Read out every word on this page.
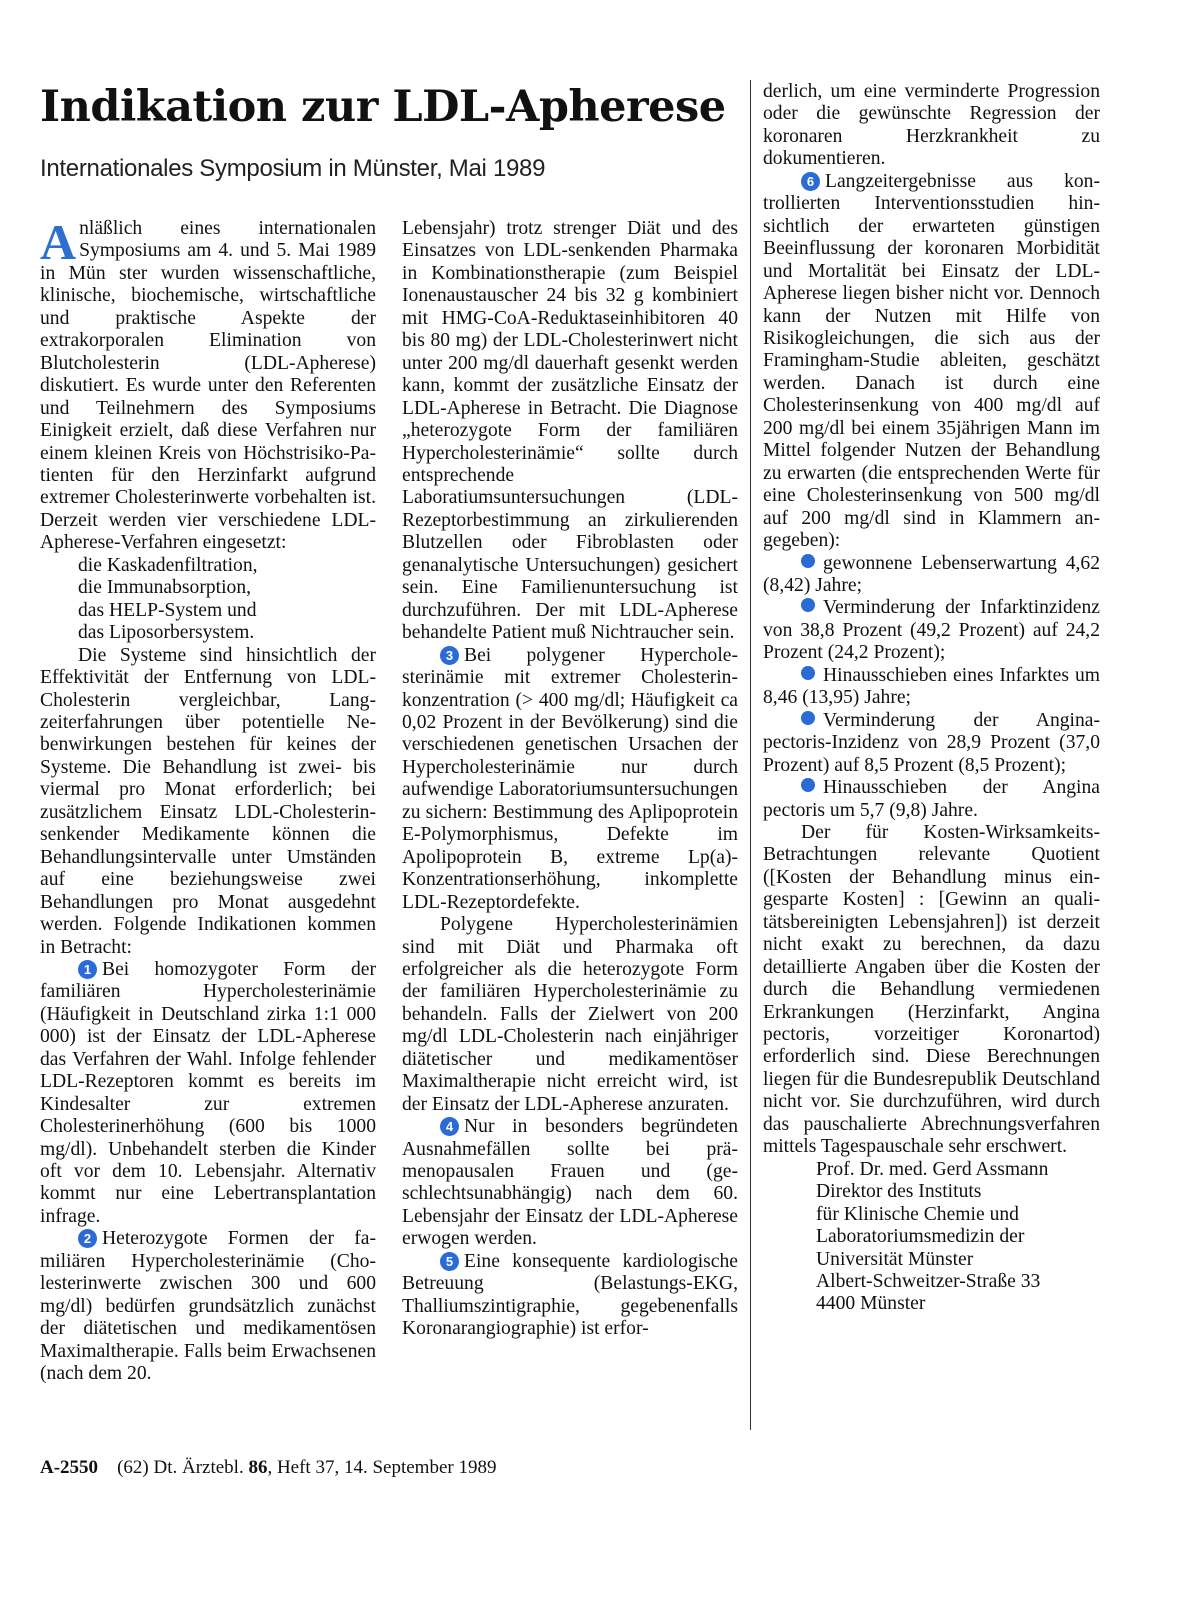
Indikation zur LDL-Apherese
Internationales Symposium in Münster, Mai 1989

Anläßlich eines internationalen Symposiums am 4. und 5. Mai 1989 in Mün ster wurden wissenschaftliche, klinische, biochemische, wirtschaftliche und praktische Aspekte der extrakorporalen Elimination von Blutcholesterin (LDL-Apherese) diskutiert. Es wurde unter den Referenten und Teilnehmern des Symposiums Einigkeit erzielt, daß diese Verfahren nur einem kleinen Kreis von Höchstrisiko-Patienten für den Herzinfarkt aufgrund extremer Cholesterinwerte vorbehalten ist. Derzeit werden vier verschiedene LDL-Apherese-Verfahren eingesetzt:

die Kaskadenfiltration,
die Immunabsorption,
das HELP-System und
das Liposorbersystem.

Die Systeme sind hinsichtlich der Effektivität der Entfernung von LDL-Cholesterin vergleichbar, Langzeiterfahrungen über potentielle Nebenwirkungen bestehen für keines der Systeme. Die Behandlung ist zwei- bis viermal pro Monat erforderlich; bei zusätzlichem Einsatz LDL-Cholesterin-senkender Medikamente können die Behandlungsintervalle unter Umständen auf eine beziehungsweise zwei Behandlungen pro Monat ausgedehnt werden. Folgende Indikationen kommen in Betracht:

1 Bei homozygoter Form der familiären Hypercholesterinämie (Häufigkeit in Deutschland zirka 1:1 000 000) ist der Einsatz der LDL-Apherese das Verfahren der Wahl. Infolge fehlender LDL-Rezeptoren kommt es bereits im Kindesalter zur extremen Cholesterinerhöhung (600 bis 1000 mg/dl). Unbehandelt sterben die Kinder oft vor dem 10. Lebensjahr. Alternativ kommt nur eine Lebertransplantation infrage.

2 Heterozygote Formen der familiären Hypercholesterinämie (Cholesterinwerte zwischen 300 und 600 mg/dl) bedürfen grundsätzlich zunächst der diätetischen und medikamentösen Maximaltherapie. Falls beim Erwachsenen (nach dem 20.

Lebensjahr) trotz strenger Diät und des Einsatzes von LDL-senkenden Pharmaka in Kombinationstherapie (zum Beispiel Ionenaustauscher 24 bis 32 g kombiniert mit HMG-CoA-Reduktaseinhibitoren 40 bis 80 mg) der LDL-Cholesterinwert nicht unter 200 mg/dl dauerhaft gesenkt werden kann, kommt der zusätzliche Einsatz der LDL-Apherese in Betracht. Die Diagnose „heterozygote Form der familiären Hypercholesterinämie“ sollte durch entsprechende Laboratiumsuntersuchungen (LDL-Rezeptorbestimmung an zirkulierenden Blutzellen oder Fibroblasten oder genanalytische Untersuchungen) gesichert sein. Eine Familienuntersuchung ist durchzuführen. Der mit LDL-Apherese behandelte Patient muß Nichtraucher sein.

3 Bei polygener Hypercholesterinämie mit extremer Cholesterinkonzentration (> 400 mg/dl; Häufigkeit ca 0,02 Prozent in der Bevölkerung) sind die verschiedenen genetischen Ursachen der Hypercholesterinämie nur durch aufwendige Laboratoriumsuntersuchungen zu sichern: Bestimmung des Aplipoprotein E-Polymorphismus, Defekte im Apolipoprotein B, extreme Lp(a)-Konzentrationserhöhung, inkomplette LDL-Rezeptordefekte.

Polygene Hypercholesterinämien sind mit Diät und Pharmaka oft erfolgreicher als die heterozygote Form der familiären Hypercholesterinämie zu behandeln. Falls der Zielwert von 200 mg/dl LDL-Cholesterin nach einjähriger diätetischer und medikamentöser Maximaltherapie nicht erreicht wird, ist der Einsatz der LDL-Apherese anzuraten.

4 Nur in besonders begründeten Ausnahmefällen sollte bei prämenopausalen Frauen und (geschlechtsunabhängig) nach dem 60. Lebensjahr der Einsatz der LDL-Apherese erwogen werden.

5 Eine konsequente kardiologische Betreuung (Belastungs-EKG, Thalliumszintigraphie, gegebenenfalls Koronarangiographie) ist erfor-

derlich, um eine verminderte Progression oder die gewünschte Regression der koronaren Herzkrankheit zu dokumentieren.

6 Langzeitergebnisse aus kontrollierten Interventionsstudien hinsichtlich der erwarteten günstigen Beeinflussung der koronaren Morbidität und Mortalität bei Einsatz der LDL-Apherese liegen bisher nicht vor. Dennoch kann der Nutzen mit Hilfe von Risikogleichungen, die sich aus der Framingham-Studie ableiten, geschätzt werden. Danach ist durch eine Cholesterinsenkung von 400 mg/dl auf 200 mg/dl bei einem 35jährigen Mann im Mittel folgender Nutzen der Behandlung zu erwarten (die entsprechenden Werte für eine Cholesterinsenkung von 500 mg/dl auf 200 mg/dl sind in Klammern angegeben):

gewonnene Lebenserwartung 4,62 (8,42) Jahre;

Verminderung der Infarktinzidenz von 38,8 Prozent (49,2 Prozent) auf 24,2 Prozent (24,2 Prozent);

Hinausschieben eines Infarktes um 8,46 (13,95) Jahre;

Verminderung der Angina-pectoris-Inzidenz von 28,9 Prozent (37,0 Prozent) auf 8,5 Prozent (8,5 Prozent);

Hinausschieben der Angina pectoris um 5,7 (9,8) Jahre.

Der für Kosten-Wirksamkeits-Betrachtungen relevante Quotient ([Kosten der Behandlung minus eingesparte Kosten] : [Gewinn an qualitätsbereinigten Lebensjahren]) ist derzeit nicht exakt zu berechnen, da dazu detaillierte Angaben über die Kosten der durch die Behandlung vermiedenen Erkrankungen (Herzinfarkt, Angina pectoris, vorzeitiger Koronartod) erforderlich sind. Diese Berechnungen liegen für die Bundesrepublik Deutschland nicht vor. Sie durchzuführen, wird durch das pauschalierte Abrechnungsverfahren mittels Tagespauschale sehr erschwert.

Prof. Dr. med. Gerd Assmann
Direktor des Instituts
für Klinische Chemie und
Laboratoriumsmedizin der
Universität Münster
Albert-Schweitzer-Straße 33
4400 Münster
A-2550 (62) Dt. Ärztebl. 86, Heft 37, 14. September 1989
